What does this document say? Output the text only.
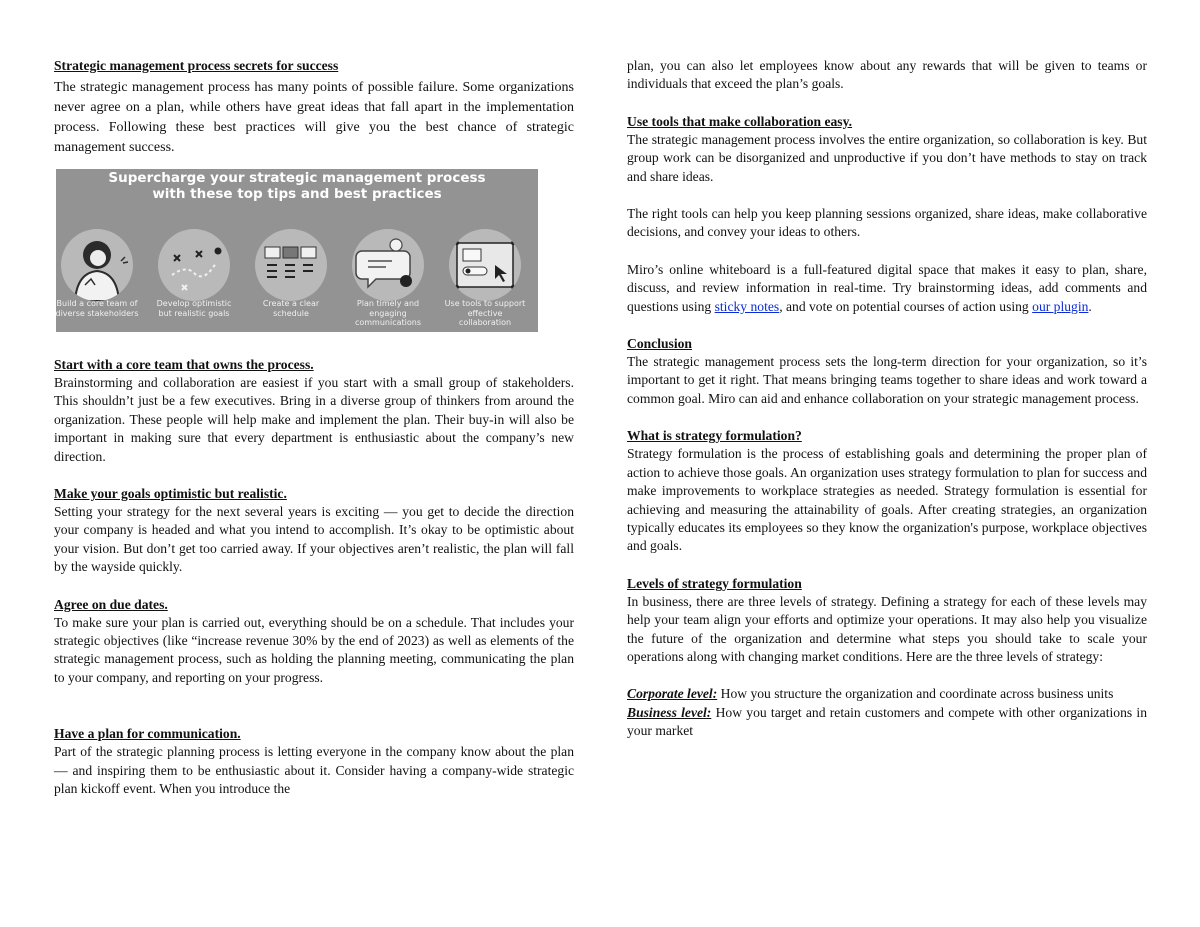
Strategic management process secrets for success

The strategic management process has many points of possible failure. Some organizations never agree on a plan, while others have great ideas that fall apart in the implementation process. Following these best practices will give you the best chance of strategic management success.

Supercharge your strategic management process
with these top tips and best practices
Build a core team of diverse stakeholders
Develop optimistic but realistic goals
Create a clear schedule
Plan timely and engaging communications
Use tools to support effective collaboration
Start with a core team that owns the process.
Brainstorming and collaboration are easiest if you start with a small group of stakeholders. This shouldn’t just be a few executives. Bring in a diverse group of thinkers from around the organization. These people will help make and implement the plan. Their buy-in will also be important in making sure that every department is enthusiastic about the company’s new direction.
Make your goals optimistic but realistic.
Setting your strategy for the next several years is exciting — you get to decide the direction your company is headed and what you intend to accomplish. It’s okay to be optimistic about your vision. But don’t get too carried away. If your objectives aren’t realistic, the plan will fall by the wayside quickly.
Agree on due dates.
To make sure your plan is carried out, everything should be on a schedule. That includes your strategic objectives (like “increase revenue 30% by the end of 2023) as well as elements of the strategic management process, such as holding the planning meeting, communicating the plan to your company, and reporting on your progress.
Have a plan for communication.
Part of the strategic planning process is letting everyone in the company know about the plan — and inspiring them to be enthusiastic about it. Consider having a company-wide strategic plan kickoff event. When you introduce the
plan, you can also let employees know about any rewards that will be given to teams or individuals that exceed the plan’s goals.
Use tools that make collaboration easy.
The strategic management process involves the entire organization, so collaboration is key. But group work can be disorganized and unproductive if you don’t have methods to stay on track and share ideas.
The right tools can help you keep planning sessions organized, share ideas, make collaborative decisions, and convey your ideas to others.
Miro’s online whiteboard is a full-featured digital space that makes it easy to plan, share, discuss, and review information in real-time. Try brainstorming ideas, add comments and questions using sticky notes, and vote on potential courses of action using our plugin.
Conclusion
The strategic management process sets the long-term direction for your organization, so it’s important to get it right. That means bringing teams together to share ideas and work toward a common goal. Miro can aid and enhance collaboration on your strategic management process.
What is strategy formulation?
Strategy formulation is the process of establishing goals and determining the proper plan of action to achieve those goals. An organization uses strategy formulation to plan for success and make improvements to workplace strategies as needed. Strategy formulation is essential for achieving and measuring the attainability of goals. After creating strategies, an organization typically educates its employees so they know the organization's purpose, workplace objectives and goals.
Levels of strategy formulation
In business, there are three levels of strategy. Defining a strategy for each of these levels may help your team align your efforts and optimize your operations. It may also help you visualize the future of the organization and determine what steps you should take to scale your operations along with changing market conditions. Here are the three levels of strategy:
Corporate level: How you structure the organization and coordinate across business units
Business level: How you target and retain customers and compete with other organizations in your market
